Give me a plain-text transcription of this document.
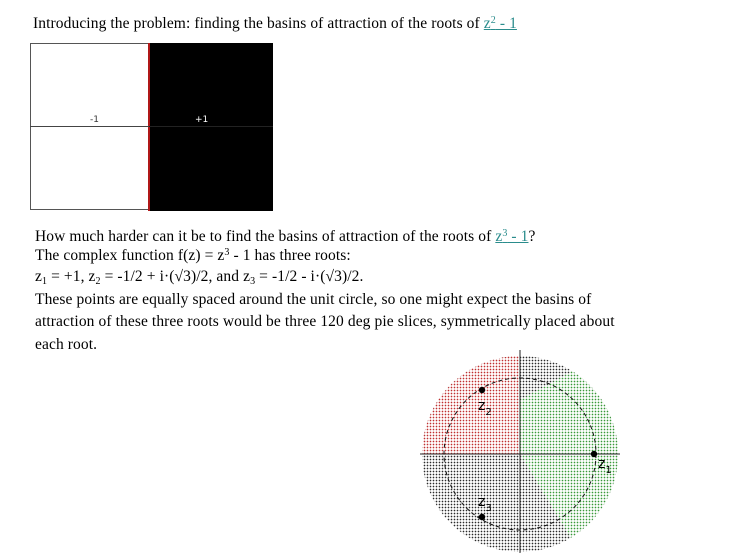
Introducing the problem: finding the basins of attraction of the roots of $z^2 - 1$
-1	+1
How much harder can it be to find the basins of attraction of the roots of $z^3 - 1$?
The complex function $f(z) = z^3 - 1$ has three roots:
$z_1 = +1$, $z_2 = -1/2 + i\cdot(√3)/2$, and $z_3 = -1/2 - i\cdot(√3)/2$.
These points are equally spaced around the unit circle, so one might expect the basins of
attraction of these three roots would be three 120 deg pie slices, symmetrically placed about
each root.
$z_1$
$z_2$
$z_3$
